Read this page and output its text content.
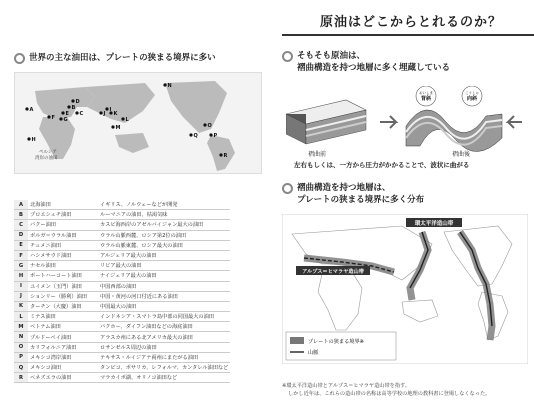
原油はどこからとれるのか？
世界の主な油田は、プレートの狭まる境界に多い
A	B
C
D
E
F G
H
I
J K
L
M
N
O
P
Q
R
ペルシア
湾岸の油田
A	北海油田	イギリス、ノルウェーなどが開発
B	プロエシュチ油田	ルーマニアの油田、枯渇気味
C	バクー油田	カスピ海西岸のアゼルバイジャン最大の油田
D	ボルガ＝ウラル油田	ウラル山脈西麓、ロシア第2位の油田
E	チュメニ油田	ウラル山脈東麓、ロシア最大の油田
F	ハシメサウド油田	アルジェリア最大の油田
G	ナセル油田	リビア最大の油田
H	ポートハーコート油田	ナイジェリア最大の油田
I	ユイメン（玉門）油田	中国西部の油田
J	ションリー（勝利）油田	中国・黄河の河口付近にある油田
K	ターチン（大慶）油田	中国最大の油田
L	ミナス油田	インドネシア・スマトラ島中部の同国最大の油田
M	ベトナム油田	バクホー、ダイフン油田などの海底油田
N	プルドーベイ油田	アラスカ州にある北アメリカ最大の油田
O	カリフォルニア油田	ロサンゼルス周辺の油田
P	メキシコ湾岸油田	テキサス・ルイジアナ両州にまたがる油田
Q	メキシコ油田	タンピコ、ポサリカ、レフォルマ、カンタレル油田など
R	ベネズエラの油田	マラカイボ湖、オリノコ油田など
そもそも原油は、
褶曲構造を持つ地層に多く埋蔵している
おいしま
背斜
こうしゃ
向斜
褶曲前	褶曲後
左右もしくは、一方から圧力がかかることで、波状に曲がる
褶曲構造を持つ地層は、
プレートの狭まる境界に多く分布
環太平洋造山帯
アルプス＝ヒマラヤ造山帯
プレートの狭まる境界※
山脈
※環太平洋造山帯とアルプス＝ヒマラヤ造山帯を指す。
しかし近年は、これらの造山帯の名称は高等学校の地理の教科書に登場しなくなった。
